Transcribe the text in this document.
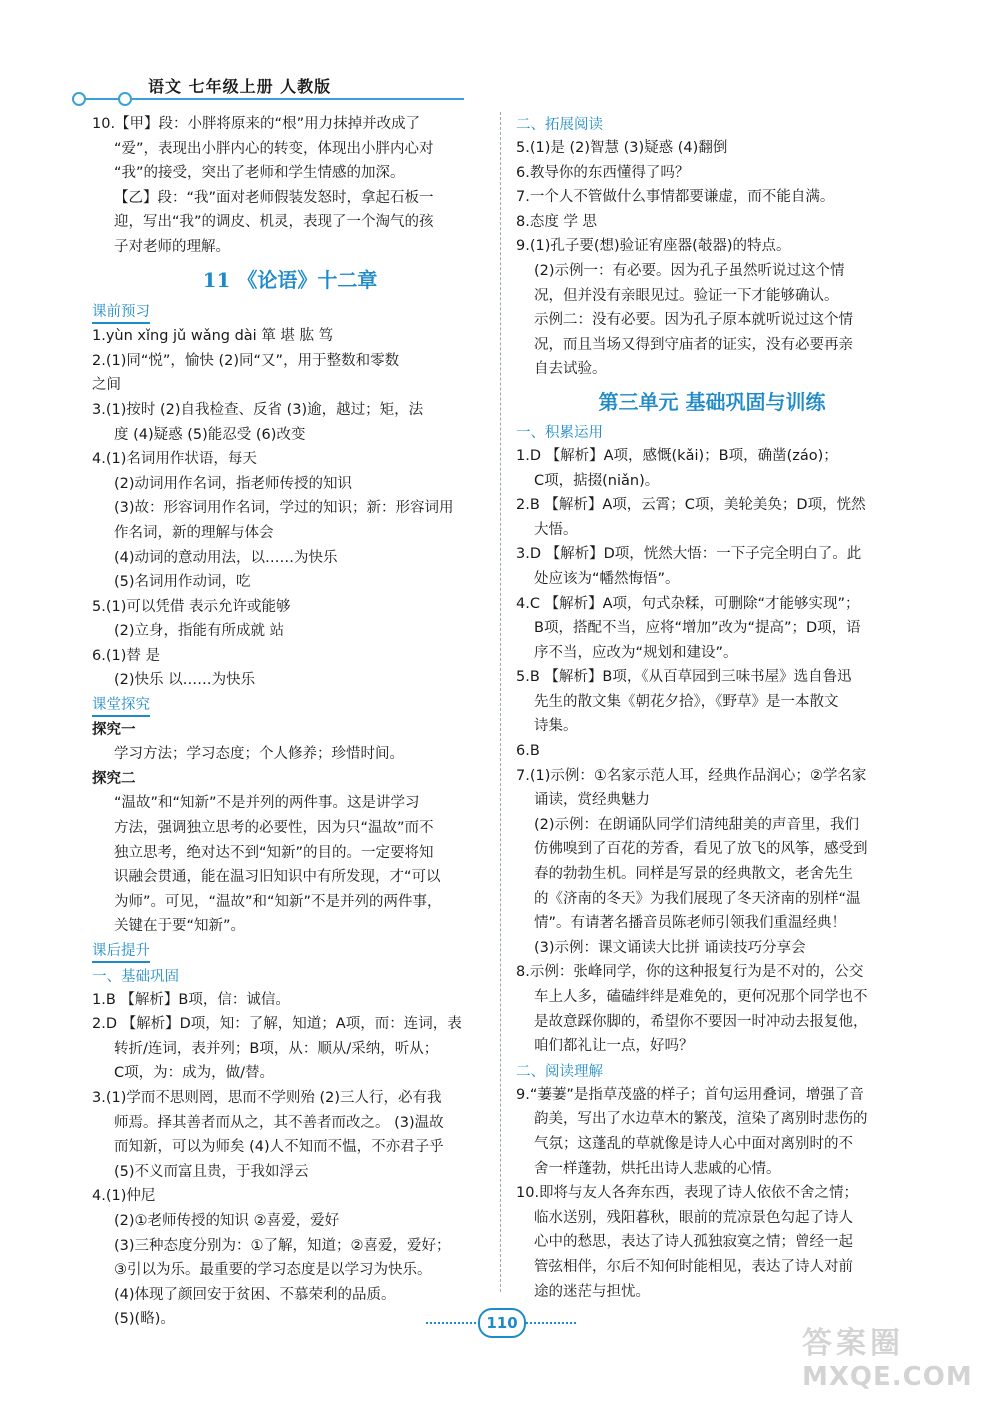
语文 七年级上册 人教版
10.【甲】段：小胖将原来的“根”用力抹掉并改成了
“爱”，表现出小胖内心的转变，体现出小胖内心对
“我”的接受，突出了老师和学生情感的加深。
【乙】段：“我”面对老师假装发怒时，拿起石板一
迎，写出“我”的调皮、机灵，表现了一个淘气的孩
子对老师的理解。
11 《论语》十二章
课前预习
1.yùn xǐng jǔ wǎng dài 箪 堪 肱 笃
2.(1)同“悦”，愉快 (2)同“又”，用于整数和零数
之间
3.(1)按时 (2)自我检查、反省 (3)逾，越过；矩，法
度 (4)疑惑 (5)能忍受 (6)改变
4.(1)名词用作状语，每天
(2)动词用作名词，指老师传授的知识
(3)故：形容词用作名词，学过的知识；新：形容词用
作名词，新的理解与体会
(4)动词的意动用法，以……为快乐
(5)名词用作动词，吃
5.(1)可以凭借 表示允许或能够
(2)立身，指能有所成就 站
6.(1)替 是
(2)快乐 以……为快乐
课堂探究
探究一
学习方法；学习态度；个人修养；珍惜时间。
探究二
“温故”和“知新”不是并列的两件事。这是讲学习
方法，强调独立思考的必要性，因为只“温故”而不
独立思考，绝对达不到“知新”的目的。一定要将知
识融会贯通，能在温习旧知识中有所发现，才“可以
为师”。可见，“温故”和“知新”不是并列的两件事，
关键在于要“知新”。
课后提升
一、基础巩固
1.B 【解析】B项，信：诚信。
2.D 【解析】D项，知：了解，知道；A项，而：连词，表
转折/连词，表并列；B项，从：顺从/采纳，听从；
C项，为：成为，做/替。
3.(1)学而不思则罔，思而不学则殆 (2)三人行，必有我
师焉。择其善者而从之，其不善者而改之。 (3)温故
而知新，可以为师矣 (4)人不知而不愠，不亦君子乎
(5)不义而富且贵，于我如浮云
4.(1)仲尼
(2)①老师传授的知识 ②喜爱，爱好
(3)三种态度分别为：①了解，知道；②喜爱，爱好；
③引以为乐。最重要的学习态度是以学习为快乐。
(4)体现了颜回安于贫困、不慕荣利的品质。
(5)(略)。
二、拓展阅读
5.(1)是 (2)智慧 (3)疑惑 (4)翻倒
6.教导你的东西懂得了吗？
7.一个人不管做什么事情都要谦虚，而不能自满。
8.态度 学 思
9.(1)孔子要(想)验证宥座器(攲器)的特点。
(2)示例一：有必要。因为孔子虽然听说过这个情
况，但并没有亲眼见过。验证一下才能够确认。
示例二：没有必要。因为孔子原本就听说过这个情
况，而且当场又得到守庙者的证实，没有必要再亲
自去试验。
第三单元 基础巩固与训练
一、积累运用
1.D 【解析】A项，感慨(kǎi)；B项，确凿(záo)；
C项，掂掇(niǎn)。
2.B 【解析】A项，云霄；C项，美轮美奂；D项，恍然
大悟。
3.D 【解析】D项，恍然大悟：一下子完全明白了。此
处应该为“幡然悔悟”。
4.C 【解析】A项，句式杂糅，可删除“才能够实现”；
B项，搭配不当，应将“增加”改为“提高”；D项，语
序不当，应改为“规划和建设”。
5.B 【解析】B项，《从百草园到三味书屋》选自鲁迅
先生的散文集《朝花夕拾》，《野草》是一本散文
诗集。
6.B
7.(1)示例：①名家示范人耳，经典作品润心；②学名家
诵读，赏经典魅力
(2)示例：在朗诵队同学们清纯甜美的声音里，我们
仿佛嗅到了百花的芳香，看见了放飞的风筝，感受到
春的勃勃生机。同样是写景的经典散文，老舍先生
的《济南的冬天》为我们展现了冬天济南的别样“温
情”。有请著名播音员陈老师引领我们重温经典！
(3)示例：课文诵读大比拼 诵读技巧分享会
8.示例：张峰同学，你的这种报复行为是不对的，公交
车上人多，磕磕绊绊是难免的，更何况那个同学也不
是故意踩你脚的，希望你不要因一时冲动去报复他，
咱们都礼让一点，好吗？
二、阅读理解
9.“萋萋”是指草茂盛的样子；首句运用叠词，增强了音
韵美，写出了水边草木的繁茂，渲染了离别时悲伤的
气氛；这蓬乱的草就像是诗人心中面对离别时的不
舍一样蓬勃，烘托出诗人悲戚的心情。
10.即将与友人各奔东西，表现了诗人依依不舍之情；
临水送别，残阳暮秋，眼前的荒凉景色勾起了诗人
心中的愁思，表达了诗人孤独寂寞之情；曾经一起
管弦相伴，尔后不知何时能相见，表达了诗人对前
途的迷茫与担忧。
110
答案圈
MXQE.COM
